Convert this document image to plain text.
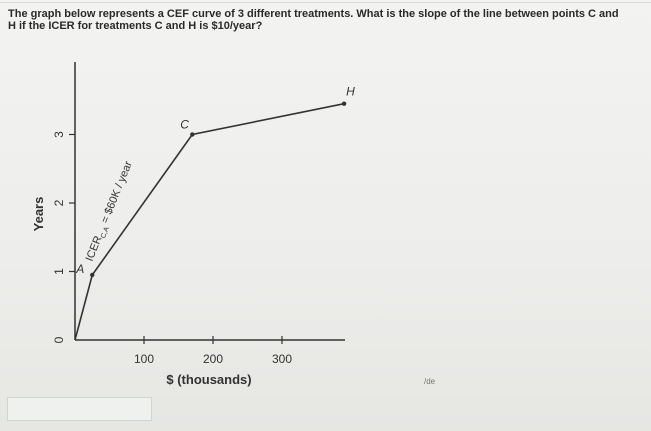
The graph below represents a CEF curve of 3 different treatments. What is the slope of the line between points C and
H if the ICER for treatments C and H is $10/year?
0
1
2
3
100	200	300
A
C
H
Years
$ (thousands)
$ICER_{C,A}$ = $60K / year
/de
